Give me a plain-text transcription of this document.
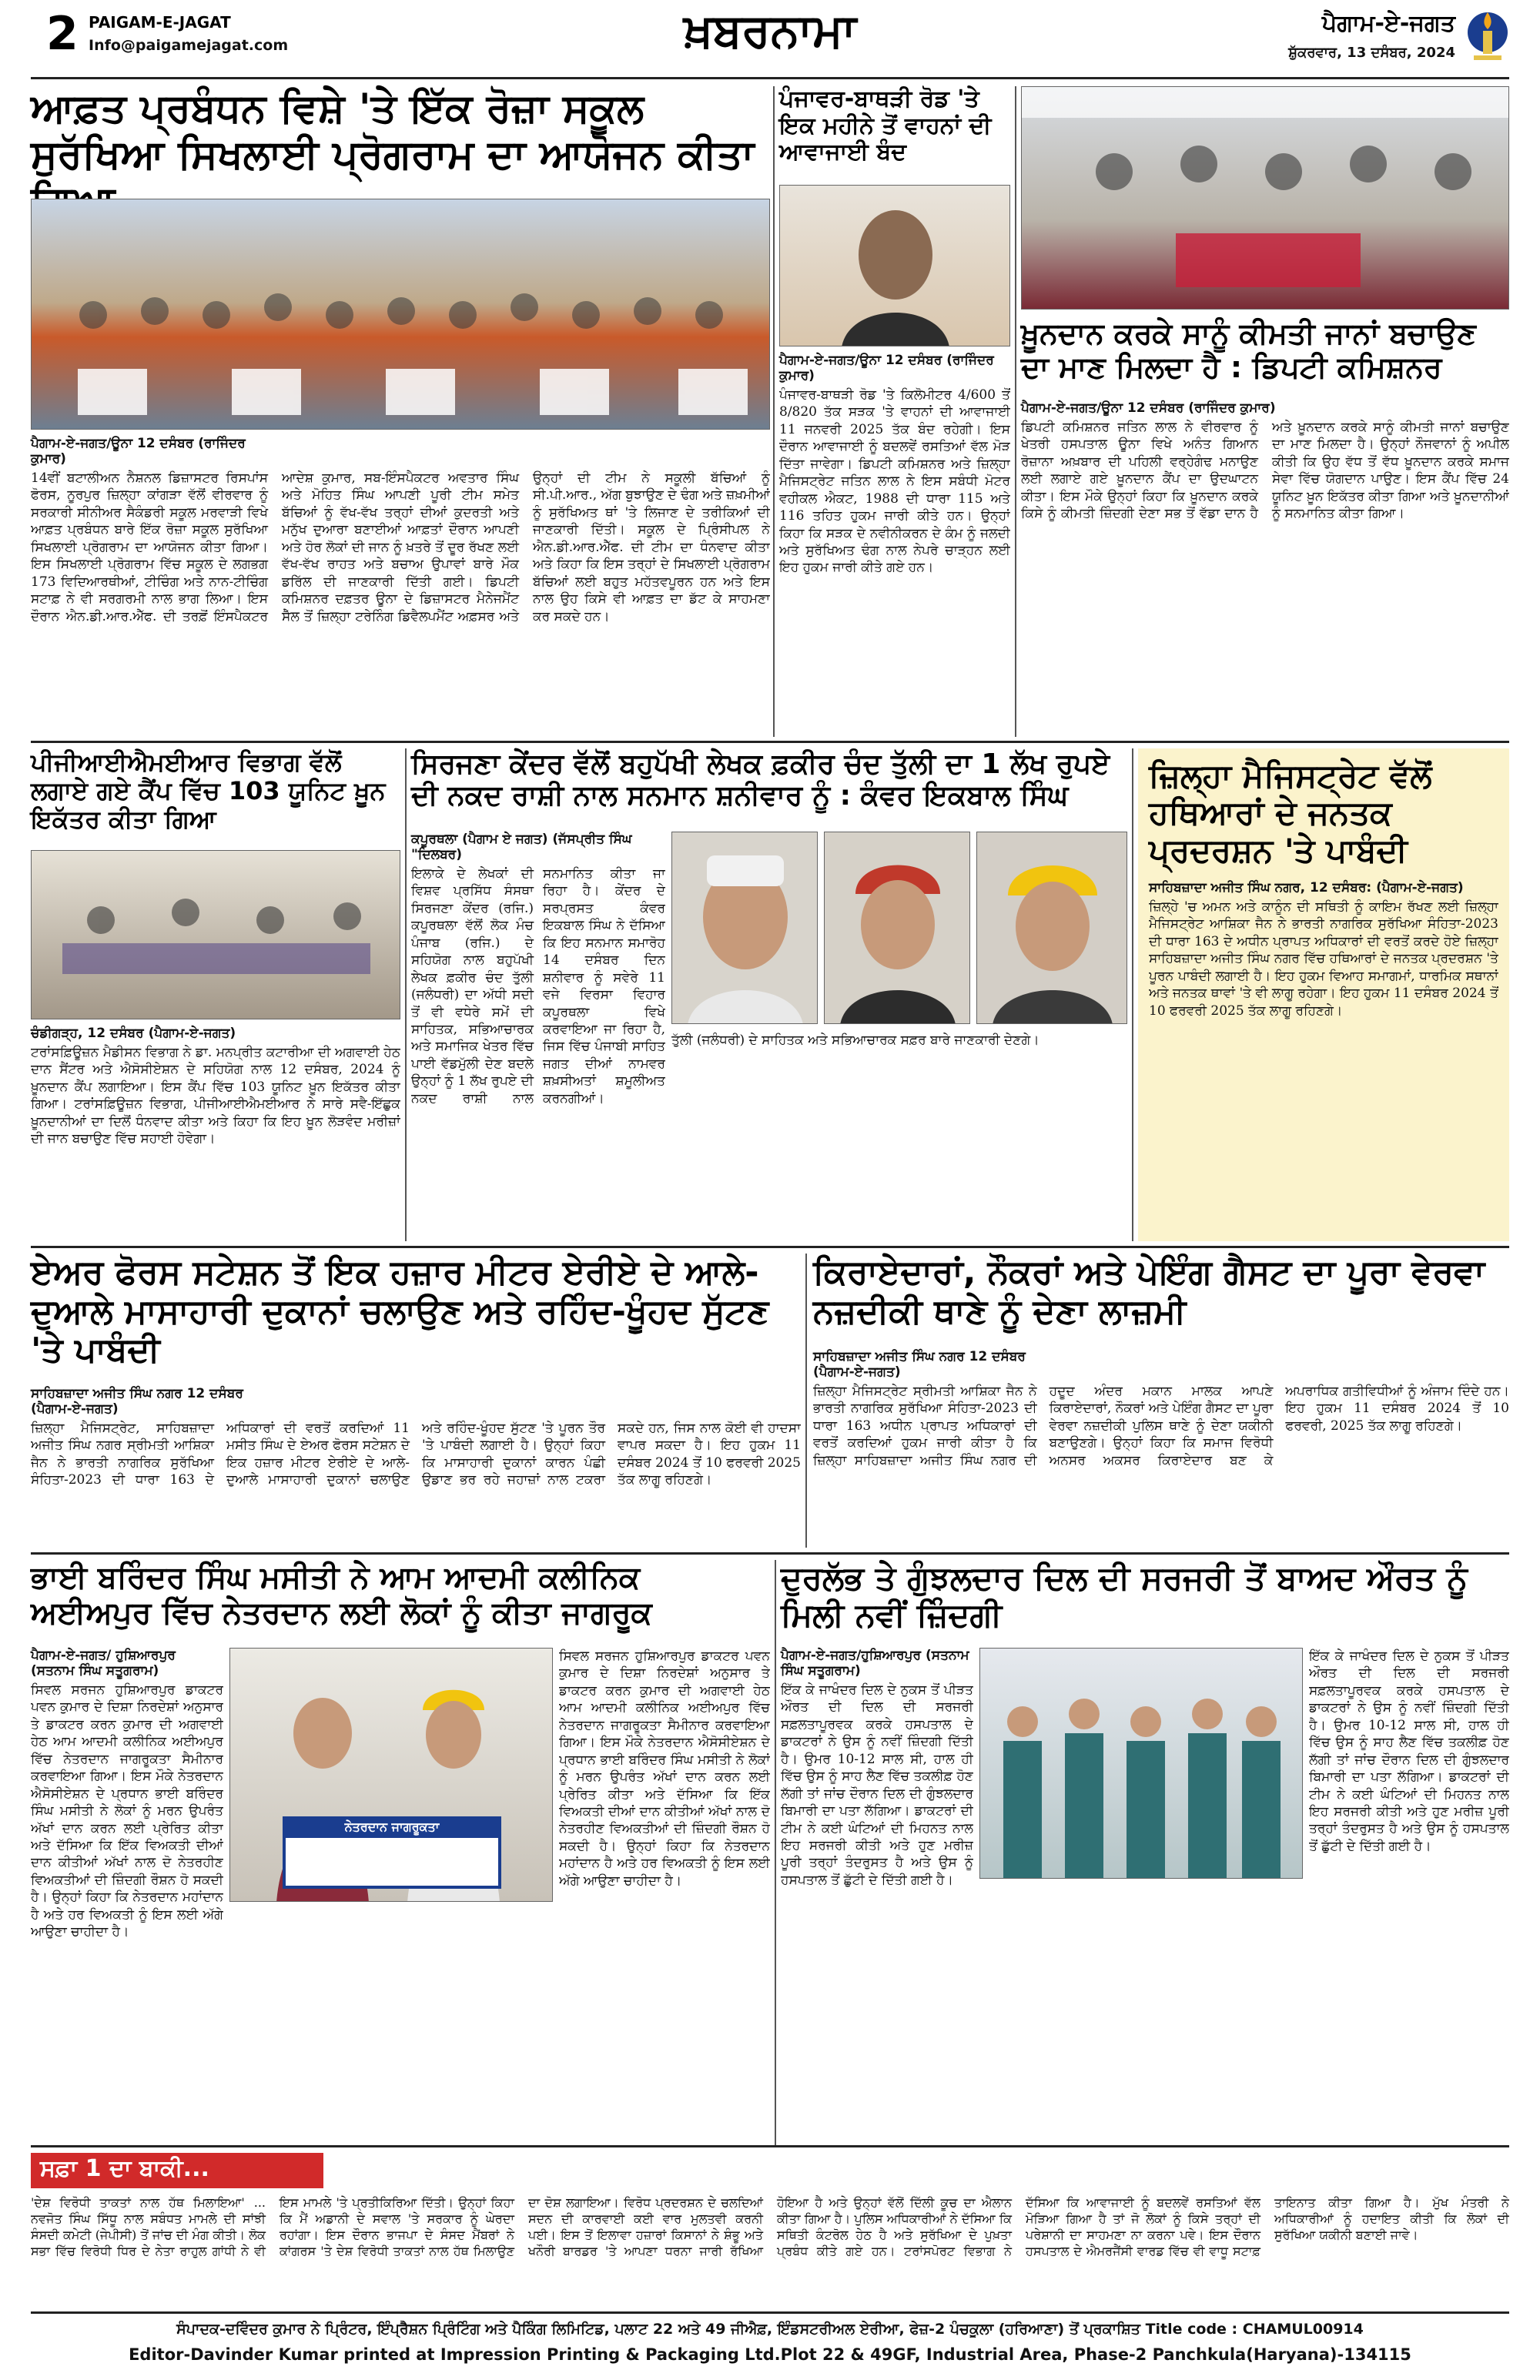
2 PAIGAM-E-JAGAT
Info@paigamejagat.com	ਖ਼ਬਰਨਾਮਾ	ਪੈਗਾਮ-ਏ-ਜਗਤ
ਸ਼ੁੱਕਰਵਾਰ, 13 ਦਸੰਬਰ, 2024
ਆਫ਼ਤ ਪ੍ਰਬੰਧਨ ਵਿਸ਼ੇ 'ਤੇ ਇੱਕ ਰੋਜ਼ਾ ਸਕੂਲ ਸੁਰੱਖਿਆ ਸਿਖਲਾਈ ਪ੍ਰੋਗਰਾਮ ਦਾ ਆਯੋਜਨ ਕੀਤਾ
ਪੈਗਾਮ-ਏ-ਜਗਤ/ਊਨਾ 12 ਦਸੰਬਰ (ਰਾਜਿੰਦਰ ਕੁਮਾਰ)
14ਵੀਂ ਬਟਾਲੀਅਨ ਨੈਸ਼ਨਲ ਡਿਜ਼ਾਸਟਰ ਰਿਸਪਾਂਸ ਫੋਰਸ, ਨੂਰਪੁਰ ਜ਼ਿਲ੍ਹਾ ਕਾਂਗੜਾ ਵੱਲੋਂ ਵੀਰਵਾਰ ਨੂੰ ਸਰਕਾਰੀ ਸੀਨੀਅਰ ਸੈਕੰਡਰੀ ਸਕੂਲ ਮਰਵਾੜੀ ਵਿਖੇ ਆਫ਼ਤ ਪ੍ਰਬੰਧਨ ਬਾਰੇ ਇੱਕ ਰੋਜ਼ਾ ਸਕੂਲ ਸੁਰੱਖਿਆ ਸਿਖਲਾਈ ਪ੍ਰੋਗਰਾਮ ਦਾ ਆਯੋਜਨ ਕੀਤਾ ਗਿਆ। ਇਸ ਸਿਖਲਾਈ ਪ੍ਰੋਗਰਾਮ ਵਿੱਚ ਸਕੂਲ ਦੇ ਲਗਭਗ 173 ਵਿਦਿਆਰਥੀਆਂ, ਟੀਚਿੰਗ ਅਤੇ ਨਾਨ-ਟੀਚਿੰਗ ਸਟਾਫ਼ ਨੇ ਵੀ ਸਰਗਰਮੀ ਨਾਲ ਭਾਗ ਲਿਆ। ਇਸ ਦੌਰਾਨ ਐਨ.ਡੀ.ਆਰ.ਐੱਫ. ਦੀ ਤਰਫ਼ੋਂ ਇੰਸਪੈਕਟਰ ਆਦੇਸ਼ ਕੁਮਾਰ, ਸਬ-ਇੰਸਪੈਕਟਰ ਅਵਤਾਰ ਸਿੰਘ ਅਤੇ ਮੋਹਿਤ ਸਿੰਘ ਆਪਣੀ ਪੂਰੀ ਟੀਮ ਸਮੇਤ ਬੱਚਿਆਂ ਨੂੰ ਵੱਖ-ਵੱਖ ਤਰ੍ਹਾਂ ਦੀਆਂ ਕੁਦਰਤੀ ਅਤੇ ਮਨੁੱਖ ਦੁਆਰਾ ਬਣਾਈਆਂ ਆਫ਼ਤਾਂ ਦੌਰਾਨ ਆਪਣੀ ਅਤੇ ਹੋਰ ਲੋਕਾਂ ਦੀ ਜਾਨ ਨੂੰ ਖ਼ਤਰੇ ਤੋਂ ਦੂਰ ਰੱਖਣ ਲਈ ਵੱਖ-ਵੱਖ ਰਾਹਤ ਅਤੇ ਬਚਾਅ ਉਪਾਵਾਂ ਬਾਰੇ ਮੌਕ ਡਰਿੱਲ ਦੀ ਜਾਣਕਾਰੀ ਦਿੱਤੀ ਗਈ। ਡਿਪਟੀ ਕਮਿਸ਼ਨਰ ਦਫ਼ਤਰ ਊਨਾ ਦੇ ਡਿਜ਼ਾਸਟਰ ਮੈਨੇਜਮੈਂਟ ਸੈੱਲ ਤੋਂ ਜ਼ਿਲ੍ਹਾ ਟਰੇਨਿੰਗ ਡਿਵੈਲਪਮੈਂਟ ਅਫ਼ਸਰ ਅਤੇ ਉਨ੍ਹਾਂ ਦੀ ਟੀਮ ਨੇ ਸਕੂਲੀ ਬੱਚਿਆਂ ਨੂੰ ਸੀ.ਪੀ.ਆਰ., ਅੱਗ ਬੁਝਾਉਣ ਦੇ ਢੰਗ ਅਤੇ ਜ਼ਖ਼ਮੀਆਂ ਨੂੰ ਸੁਰੱਖਿਅਤ ਥਾਂ 'ਤੇ ਲਿਜਾਣ ਦੇ ਤਰੀਕਿਆਂ ਦੀ ਜਾਣਕਾਰੀ ਦਿੱਤੀ। ਸਕੂਲ ਦੇ ਪ੍ਰਿੰਸੀਪਲ ਨੇ ਐਨ.ਡੀ.ਆਰ.ਐੱਫ. ਦੀ ਟੀਮ ਦਾ ਧੰਨਵਾਦ ਕੀਤਾ ਅਤੇ ਕਿਹਾ ਕਿ ਇਸ ਤਰ੍ਹਾਂ ਦੇ ਸਿਖਲਾਈ ਪ੍ਰੋਗਰਾਮ ਬੱਚਿਆਂ ਲਈ ਬਹੁਤ ਮਹੱਤਵਪੂਰਨ ਹਨ ਅਤੇ ਇਸ ਨਾਲ ਉਹ ਕਿਸੇ ਵੀ ਆਫ਼ਤ ਦਾ ਡੱਟ ਕੇ ਸਾਹਮਣਾ ਕਰ ਸਕਦੇ ਹਨ।
ਪੰਜਾਵਰ-ਬਾਥੜੀ ਰੋਡ 'ਤੇ ਇਕ ਮਹੀਨੇ ਤੋਂ ਵਾਹਨਾਂ ਦੀ ਆਵਾਜਾਈ ਬੰਦ
ਪੈਗਾਮ-ਏ-ਜਗਤ/ਊਨਾ 12 ਦਸੰਬਰ (ਰਾਜਿੰਦਰ ਕੁਮਾਰ)
ਪੰਜਾਵਰ-ਬਾਥੜੀ ਰੋਡ 'ਤੇ ਕਿਲੋਮੀਟਰ 4/600 ਤੋਂ 8/820 ਤੱਕ ਸੜਕ 'ਤੇ ਵਾਹਨਾਂ ਦੀ ਆਵਾਜਾਈ 11 ਜਨਵਰੀ 2025 ਤੱਕ ਬੰਦ ਰਹੇਗੀ। ਇਸ ਦੌਰਾਨ ਆਵਾਜਾਈ ਨੂੰ ਬਦਲਵੇਂ ਰਸਤਿਆਂ ਵੱਲ ਮੋੜ ਦਿੱਤਾ ਜਾਵੇਗਾ। ਡਿਪਟੀ ਕਮਿਸ਼ਨਰ ਅਤੇ ਜ਼ਿਲ੍ਹਾ ਮੈਜਿਸਟ੍ਰੇਟ ਜਤਿਨ ਲਾਲ ਨੇ ਇਸ ਸਬੰਧੀ ਮੋਟਰ ਵਹੀਕਲ ਐਕਟ, 1988 ਦੀ ਧਾਰਾ 115 ਅਤੇ 116 ਤਹਿਤ ਹੁਕਮ ਜਾਰੀ ਕੀਤੇ ਹਨ। ਉਨ੍ਹਾਂ ਕਿਹਾ ਕਿ ਸੜਕ ਦੇ ਨਵੀਨੀਕਰਨ ਦੇ ਕੰਮ ਨੂੰ ਜਲਦੀ ਅਤੇ ਸੁਰੱਖਿਅਤ ਢੰਗ ਨਾਲ ਨੇਪਰੇ ਚਾੜ੍ਹਨ ਲਈ ਇਹ ਹੁਕਮ ਜਾਰੀ ਕੀਤੇ ਗਏ ਹਨ।
ਖ਼ੂਨਦਾਨ ਕਰਕੇ ਸਾਨੂੰ ਕੀਮਤੀ ਜਾਨਾਂ ਬਚਾਉਣ ਦਾ ਮਾਣ ਮਿਲਦਾ ਹੈ : ਡਿਪਟੀ ਕਮਿਸ਼ਨਰ
ਪੈਗਾਮ-ਏ-ਜਗਤ/ਊਨਾ 12 ਦਸੰਬਰ (ਰਾਜਿੰਦਰ ਕੁਮਾਰ)
ਡਿਪਟੀ ਕਮਿਸ਼ਨਰ ਜਤਿਨ ਲਾਲ ਨੇ ਵੀਰਵਾਰ ਨੂੰ ਖੇਤਰੀ ਹਸਪਤਾਲ ਊਨਾ ਵਿਖੇ ਅਨੰਤ ਗਿਆਨ ਰੋਜ਼ਾਨਾ ਅਖ਼ਬਾਰ ਦੀ ਪਹਿਲੀ ਵਰ੍ਹੇਗੰਢ ਮਨਾਉਣ ਲਈ ਲਗਾਏ ਗਏ ਖ਼ੂਨਦਾਨ ਕੈਂਪ ਦਾ ਉਦਘਾਟਨ ਕੀਤਾ। ਇਸ ਮੌਕੇ ਉਨ੍ਹਾਂ ਕਿਹਾ ਕਿ ਖ਼ੂਨਦਾਨ ਕਰਕੇ ਕਿਸੇ ਨੂੰ ਕੀਮਤੀ ਜ਼ਿੰਦਗੀ ਦੇਣਾ ਸਭ ਤੋਂ ਵੱਡਾ ਦਾਨ ਹੈ ਅਤੇ ਖ਼ੂਨਦਾਨ ਕਰਕੇ ਸਾਨੂੰ ਕੀਮਤੀ ਜਾਨਾਂ ਬਚਾਉਣ ਦਾ ਮਾਣ ਮਿਲਦਾ ਹੈ। ਉਨ੍ਹਾਂ ਨੌਜਵਾਨਾਂ ਨੂੰ ਅਪੀਲ ਕੀਤੀ ਕਿ ਉਹ ਵੱਧ ਤੋਂ ਵੱਧ ਖ਼ੂਨਦਾਨ ਕਰਕੇ ਸਮਾਜ ਸੇਵਾ ਵਿੱਚ ਯੋਗਦਾਨ ਪਾਉਣ। ਇਸ ਕੈਂਪ ਵਿੱਚ 24 ਯੂਨਿਟ ਖ਼ੂਨ ਇਕੱਤਰ ਕੀਤਾ ਗਿਆ ਅਤੇ ਖ਼ੂਨਦਾਨੀਆਂ ਨੂੰ ਸਨਮਾਨਿਤ ਕੀਤਾ ਗਿਆ।
ਪੀਜੀਆਈਐਮਈਆਰ ਵਿਭਾਗ ਵੱਲੋਂ ਲਗਾਏ ਗਏ ਕੈਂਪ ਵਿੱਚ 103 ਯੂਨਿਟ ਖ਼ੂਨ ਇਕੱਤਰ ਕੀਤਾ ਗਿਆ
ਚੰਡੀਗੜ੍ਹ, 12 ਦਸੰਬਰ (ਪੈਗਾਮ-ਏ-ਜਗਤ)
ਟਰਾਂਸਫ਼ਿਊਜ਼ਨ ਮੈਡੀਸਨ ਵਿਭਾਗ ਨੇ ਡਾ. ਮਨਪ੍ਰੀਤ ਕਟਾਰੀਆ ਦੀ ਅਗਵਾਈ ਹੇਠ ਦਾਨ ਸੈਂਟਰ ਅਤੇ ਐਸੋਸੀਏਸ਼ਨ ਦੇ ਸਹਿਯੋਗ ਨਾਲ 12 ਦਸੰਬਰ, 2024 ਨੂੰ ਖ਼ੂਨਦਾਨ ਕੈਂਪ ਲਗਾਇਆ। ਇਸ ਕੈਂਪ ਵਿੱਚ 103 ਯੂਨਿਟ ਖ਼ੂਨ ਇਕੱਤਰ ਕੀਤਾ ਗਿਆ। ਟਰਾਂਸਫ਼ਿਊਜ਼ਨ ਵਿਭਾਗ, ਪੀਜੀਆਈਐਮਈਆਰ ਨੇ ਸਾਰੇ ਸਵੈ-ਇੱਛੁਕ ਖ਼ੂਨਦਾਨੀਆਂ ਦਾ ਦਿਲੋਂ ਧੰਨਵਾਦ ਕੀਤਾ ਅਤੇ ਕਿਹਾ ਕਿ ਇਹ ਖ਼ੂਨ ਲੋੜਵੰਦ ਮਰੀਜ਼ਾਂ ਦੀ ਜਾਨ ਬਚਾਉਣ ਵਿੱਚ ਸਹਾਈ ਹੋਵੇਗਾ।
ਸਿਰਜਣਾ ਕੇਂਦਰ ਵੱਲੋਂ ਬਹੁਪੱਖੀ ਲੇਖਕ ਫ਼ਕੀਰ ਚੰਦ ਤੁੱਲੀ ਦਾ 1 ਲੱਖ ਰੁਪਏ ਦੀ ਨਕਦ ਰਾਸ਼ੀ ਨਾਲ ਸਨਮਾਨ ਸ਼ਨੀਵਾਰ ਨੂੰ : ਕੰਵਰ ਇਕਬਾਲ ਸਿੰਘ
ਕਪੂਰਥਲਾ (ਪੈਗਾਮ ਏ ਜਗਤ) (ਜੱਸਪ੍ਰੀਤ ਸਿੰਘ "ਦਿਲਬਰ)
ਇਲਾਕੇ ਦੇ ਲੇਖਕਾਂ ਦੀ ਵਿਸ਼ਵ ਪ੍ਰਸਿੱਧ ਸੰਸਥਾ ਸਿਰਜਣਾ ਕੇਂਦਰ (ਰਜਿ.) ਕਪੂਰਥਲਾ ਵੱਲੋਂ ਲੋਕ ਮੰਚ ਪੰਜਾਬ (ਰਜਿ.) ਦੇ ਸਹਿਯੋਗ ਨਾਲ ਬਹੁਪੱਖੀ ਲੇਖਕ ਫ਼ਕੀਰ ਚੰਦ ਤੁੱਲੀ (ਜਲੰਧਰੀ) ਦਾ ਅੱਧੀ ਸਦੀ ਤੋਂ ਵੀ ਵਧੇਰੇ ਸਮੇਂ ਦੀ ਸਾਹਿਤਕ, ਸਭਿਆਚਾਰਕ ਅਤੇ ਸਮਾਜਿਕ ਖੇਤਰ ਵਿੱਚ ਪਾਈ ਵੱਡਮੁੱਲੀ ਦੇਣ ਬਦਲੇ ਉਨ੍ਹਾਂ ਨੂੰ 1 ਲੱਖ ਰੁਪਏ ਦੀ ਨਕਦ ਰਾਸ਼ੀ ਨਾਲ ਸਨਮਾਨਿਤ ਕੀਤਾ ਜਾ ਰਿਹਾ ਹੈ। ਕੇਂਦਰ ਦੇ ਸਰਪ੍ਰਸਤ ਕੰਵਰ ਇਕਬਾਲ ਸਿੰਘ ਨੇ ਦੱਸਿਆ ਕਿ ਇਹ ਸਨਮਾਨ ਸਮਾਰੋਹ 14 ਦਸੰਬਰ ਦਿਨ ਸ਼ਨੀਵਾਰ ਨੂੰ ਸਵੇਰੇ 11 ਵਜੇ ਵਿਰਸਾ ਵਿਹਾਰ ਕਪੂਰਥਲਾ ਵਿਖੇ ਕਰਵਾਇਆ ਜਾ ਰਿਹਾ ਹੈ, ਜਿਸ ਵਿੱਚ ਪੰਜਾਬੀ ਸਾਹਿਤ ਜਗਤ ਦੀਆਂ ਨਾਮਵਰ ਸ਼ਖ਼ਸੀਅਤਾਂ ਸ਼ਮੂਲੀਅਤ ਕਰਨਗੀਆਂ।
ਤੁੱਲੀ (ਜਲੰਧਰੀ) ਦੇ ਸਾਹਿਤਕ ਅਤੇ ਸਭਿਆਚਾਰਕ ਸਫ਼ਰ ਬਾਰੇ ਜਾਣਕਾਰੀ ਦੇਣਗੇ।
ਜ਼ਿਲ੍ਹਾ ਮੈਜਿਸਟ੍ਰੇਟ ਵੱਲੋਂ ਹਥਿਆਰਾਂ ਦੇ ਜਨਤਕ ਪ੍ਰਦਰਸ਼ਨ 'ਤੇ ਪਾਬੰਦੀ
ਸਾਹਿਬਜ਼ਾਦਾ ਅਜੀਤ ਸਿੰਘ ਨਗਰ, 12 ਦਸੰਬਰ: (ਪੈਗਾਮ-ਏ-ਜਗਤ)
ਜ਼ਿਲ੍ਹੇ 'ਚ ਅਮਨ ਅਤੇ ਕਾਨੂੰਨ ਦੀ ਸਥਿਤੀ ਨੂੰ ਕਾਇਮ ਰੱਖਣ ਲਈ ਜ਼ਿਲ੍ਹਾ ਮੈਜਿਸਟ੍ਰੇਟ ਆਸ਼ਿਕਾ ਜੈਨ ਨੇ ਭਾਰਤੀ ਨਾਗਰਿਕ ਸੁਰੱਖਿਆ ਸੰਹਿਤਾ-2023 ਦੀ ਧਾਰਾ 163 ਦੇ ਅਧੀਨ ਪ੍ਰਾਪਤ ਅਧਿਕਾਰਾਂ ਦੀ ਵਰਤੋਂ ਕਰਦੇ ਹੋਏ ਜ਼ਿਲ੍ਹਾ ਸਾਹਿਬਜ਼ਾਦਾ ਅਜੀਤ ਸਿੰਘ ਨਗਰ ਵਿੱਚ ਹਥਿਆਰਾਂ ਦੇ ਜਨਤਕ ਪ੍ਰਦਰਸ਼ਨ 'ਤੇ ਪੂਰਨ ਪਾਬੰਦੀ ਲਗਾਈ ਹੈ। ਇਹ ਹੁਕਮ ਵਿਆਹ ਸਮਾਗਮਾਂ, ਧਾਰਮਿਕ ਸਥਾਨਾਂ ਅਤੇ ਜਨਤਕ ਥਾਵਾਂ 'ਤੇ ਵੀ ਲਾਗੂ ਰਹੇਗਾ। ਇਹ ਹੁਕਮ 11 ਦਸੰਬਰ 2024 ਤੋਂ 10 ਫਰਵਰੀ 2025 ਤੱਕ ਲਾਗੂ ਰਹਿਣਗੇ।
ਏਅਰ ਫੋਰਸ ਸਟੇਸ਼ਨ ਤੋਂ ਇਕ ਹਜ਼ਾਰ ਮੀਟਰ ਏਰੀਏ ਦੇ ਆਲੇ-ਦੁਆਲੇ ਮਾਸਾਹਾਰੀ ਦੁਕਾਨਾਂ ਚਲਾਉਣ ਅਤੇ ਰਹਿੰਦ-ਖੂੰਹਦ ਸੁੱਟਣ 'ਤੇ ਪਾਬੰਦੀ
ਸਾਹਿਬਜ਼ਾਦਾ ਅਜੀਤ ਸਿੰਘ ਨਗਰ 12 ਦਸੰਬਰ (ਪੈਗਾਮ-ਏ-ਜਗਤ)
ਜ਼ਿਲ੍ਹਾ ਮੈਜਿਸਟ੍ਰੇਟ, ਸਾਹਿਬਜ਼ਾਦਾ ਅਜੀਤ ਸਿੰਘ ਨਗਰ ਸ੍ਰੀਮਤੀ ਆਸ਼ਿਕਾ ਜੈਨ ਨੇ ਭਾਰਤੀ ਨਾਗਰਿਕ ਸੁਰੱਖਿਆ ਸੰਹਿਤਾ-2023 ਦੀ ਧਾਰਾ 163 ਦੇ ਅਧਿਕਾਰਾਂ ਦੀ ਵਰਤੋਂ ਕਰਦਿਆਂ 11 ਮਸੀਤ ਸਿੰਘ ਦੇ ਏਅਰ ਫੋਰਸ ਸਟੇਸ਼ਨ ਦੇ ਇਕ ਹਜ਼ਾਰ ਮੀਟਰ ਏਰੀਏ ਦੇ ਆਲੇ-ਦੁਆਲੇ ਮਾਸਾਹਾਰੀ ਦੁਕਾਨਾਂ ਚਲਾਉਣ ਅਤੇ ਰਹਿੰਦ-ਖੂੰਹਦ ਸੁੱਟਣ 'ਤੇ ਪੂਰਨ ਤੌਰ 'ਤੇ ਪਾਬੰਦੀ ਲਗਾਈ ਹੈ। ਉਨ੍ਹਾਂ ਕਿਹਾ ਕਿ ਮਾਸਾਹਾਰੀ ਦੁਕਾਨਾਂ ਕਾਰਨ ਪੰਛੀ ਉਡਾਣ ਭਰ ਰਹੇ ਜਹਾਜ਼ਾਂ ਨਾਲ ਟਕਰਾ ਸਕਦੇ ਹਨ, ਜਿਸ ਨਾਲ ਕੋਈ ਵੀ ਹਾਦਸਾ ਵਾਪਰ ਸਕਦਾ ਹੈ। ਇਹ ਹੁਕਮ 11 ਦਸੰਬਰ 2024 ਤੋਂ 10 ਫਰਵਰੀ 2025 ਤੱਕ ਲਾਗੂ ਰਹਿਣਗੇ।
ਕਿਰਾਏਦਾਰਾਂ, ਨੌਕਰਾਂ ਅਤੇ ਪੇਇੰਗ ਗੈਸਟ ਦਾ ਪੂਰਾ ਵੇਰਵਾ ਨਜ਼ਦੀਕੀ ਥਾਣੇ ਨੂੰ ਦੇਣਾ ਲਾਜ਼ਮੀ
ਸਾਹਿਬਜ਼ਾਦਾ ਅਜੀਤ ਸਿੰਘ ਨਗਰ 12 ਦਸੰਬਰ (ਪੈਗਾਮ-ਏ-ਜਗਤ)
ਜ਼ਿਲ੍ਹਾ ਮੈਜਿਸਟ੍ਰੇਟ ਸ੍ਰੀਮਤੀ ਆਸ਼ਿਕਾ ਜੈਨ ਨੇ ਭਾਰਤੀ ਨਾਗਰਿਕ ਸੁਰੱਖਿਆ ਸੰਹਿਤਾ-2023 ਦੀ ਧਾਰਾ 163 ਅਧੀਨ ਪ੍ਰਾਪਤ ਅਧਿਕਾਰਾਂ ਦੀ ਵਰਤੋਂ ਕਰਦਿਆਂ ਹੁਕਮ ਜਾਰੀ ਕੀਤਾ ਹੈ ਕਿ ਜ਼ਿਲ੍ਹਾ ਸਾਹਿਬਜ਼ਾਦਾ ਅਜੀਤ ਸਿੰਘ ਨਗਰ ਦੀ ਹਦੂਦ ਅੰਦਰ ਮਕਾਨ ਮਾਲਕ ਆਪਣੇ ਕਿਰਾਏਦਾਰਾਂ, ਨੌਕਰਾਂ ਅਤੇ ਪੇਇੰਗ ਗੈਸਟ ਦਾ ਪੂਰਾ ਵੇਰਵਾ ਨਜ਼ਦੀਕੀ ਪੁਲਿਸ ਥਾਣੇ ਨੂੰ ਦੇਣਾ ਯਕੀਨੀ ਬਣਾਉਣਗੇ। ਉਨ੍ਹਾਂ ਕਿਹਾ ਕਿ ਸਮਾਜ ਵਿਰੋਧੀ ਅਨਸਰ ਅਕਸਰ ਕਿਰਾਏਦਾਰ ਬਣ ਕੇ ਅਪਰਾਧਿਕ ਗਤੀਵਿਧੀਆਂ ਨੂੰ ਅੰਜਾਮ ਦਿੰਦੇ ਹਨ। ਇਹ ਹੁਕਮ 11 ਦਸੰਬਰ 2024 ਤੋਂ 10 ਫਰਵਰੀ, 2025 ਤੱਕ ਲਾਗੂ ਰਹਿਣਗੇ।
ਭਾਈ ਬਰਿੰਦਰ ਸਿੰਘ ਮਸੀਤੀ ਨੇ ਆਮ ਆਦਮੀ ਕਲੀਨਿਕ ਅਈਅਪੁਰ ਵਿੱਚ ਨੇਤਰਦਾਨ ਲਈ ਲੋਕਾਂ ਨੂੰ ਕੀਤਾ ਜਾਗਰੂਕ
ਪੈਗਾਮ-ਏ-ਜਗਤ/ ਹੁਸ਼ਿਆਰਪੁਰ (ਸਤਨਾਮ ਸਿੰਘ ਸਤੂਗਰਾਮ)
ਸਿਵਲ ਸਰਜਨ ਹੁਸ਼ਿਆਰਪੁਰ ਡਾਕਟਰ ਪਵਨ ਕੁਮਾਰ ਦੇ ਦਿਸ਼ਾ ਨਿਰਦੇਸ਼ਾਂ ਅਨੁਸਾਰ ਤੇ ਡਾਕਟਰ ਕਰਨ ਕੁਮਾਰ ਦੀ ਅਗਵਾਈ ਹੇਠ ਆਮ ਆਦਮੀ ਕਲੀਨਿਕ ਅਈਅਪੁਰ ਵਿੱਚ ਨੇਤਰਦਾਨ ਜਾਗਰੂਕਤਾ ਸੈਮੀਨਾਰ ਕਰਵਾਇਆ ਗਿਆ। ਇਸ ਮੌਕੇ ਨੇਤਰਦਾਨ ਐਸੋਸੀਏਸ਼ਨ ਦੇ ਪ੍ਰਧਾਨ ਭਾਈ ਬਰਿੰਦਰ ਸਿੰਘ ਮਸੀਤੀ ਨੇ ਲੋਕਾਂ ਨੂੰ ਮਰਨ ਉਪਰੰਤ ਅੱਖਾਂ ਦਾਨ ਕਰਨ ਲਈ ਪ੍ਰੇਰਿਤ ਕੀਤਾ ਅਤੇ ਦੱਸਿਆ ਕਿ ਇੱਕ ਵਿਅਕਤੀ ਦੀਆਂ ਦਾਨ ਕੀਤੀਆਂ ਅੱਖਾਂ ਨਾਲ ਦੋ ਨੇਤਰਹੀਣ ਵਿਅਕਤੀਆਂ ਦੀ ਜ਼ਿੰਦਗੀ ਰੌਸ਼ਨ ਹੋ ਸਕਦੀ ਹੈ। ਉਨ੍ਹਾਂ ਕਿਹਾ ਕਿ ਨੇਤਰਦਾਨ ਮਹਾਂਦਾਨ ਹੈ ਅਤੇ ਹਰ ਵਿਅਕਤੀ ਨੂੰ ਇਸ ਲਈ ਅੱਗੇ ਆਉਣਾ ਚਾਹੀਦਾ ਹੈ।
ਨੇਤਰਦਾਨ ਜਾਗਰੂਕਤਾ
ਸਿਵਲ ਸਰਜਨ ਹੁਸ਼ਿਆਰਪੁਰ ਡਾਕਟਰ ਪਵਨ ਕੁਮਾਰ ਦੇ ਦਿਸ਼ਾ ਨਿਰਦੇਸ਼ਾਂ ਅਨੁਸਾਰ ਤੇ ਡਾਕਟਰ ਕਰਨ ਕੁਮਾਰ ਦੀ ਅਗਵਾਈ ਹੇਠ ਆਮ ਆਦਮੀ ਕਲੀਨਿਕ ਅਈਅਪੁਰ ਵਿੱਚ ਨੇਤਰਦਾਨ ਜਾਗਰੂਕਤਾ ਸੈਮੀਨਾਰ ਕਰਵਾਇਆ ਗਿਆ। ਇਸ ਮੌਕੇ ਨੇਤਰਦਾਨ ਐਸੋਸੀਏਸ਼ਨ ਦੇ ਪ੍ਰਧਾਨ ਭਾਈ ਬਰਿੰਦਰ ਸਿੰਘ ਮਸੀਤੀ ਨੇ ਲੋਕਾਂ ਨੂੰ ਮਰਨ ਉਪਰੰਤ ਅੱਖਾਂ ਦਾਨ ਕਰਨ ਲਈ ਪ੍ਰੇਰਿਤ ਕੀਤਾ ਅਤੇ ਦੱਸਿਆ ਕਿ ਇੱਕ ਵਿਅਕਤੀ ਦੀਆਂ ਦਾਨ ਕੀਤੀਆਂ ਅੱਖਾਂ ਨਾਲ ਦੋ ਨੇਤਰਹੀਣ ਵਿਅਕਤੀਆਂ ਦੀ ਜ਼ਿੰਦਗੀ ਰੌਸ਼ਨ ਹੋ ਸਕਦੀ ਹੈ। ਉਨ੍ਹਾਂ ਕਿਹਾ ਕਿ ਨੇਤਰਦਾਨ ਮਹਾਂਦਾਨ ਹੈ ਅਤੇ ਹਰ ਵਿਅਕਤੀ ਨੂੰ ਇਸ ਲਈ ਅੱਗੇ ਆਉਣਾ ਚਾਹੀਦਾ ਹੈ।
ਦੁਰਲੱਭ ਤੇ ਗੁੰਝਲਦਾਰ ਦਿਲ ਦੀ ਸਰਜਰੀ ਤੋਂ ਬਾਅਦ ਔਰਤ ਨੂੰ ਮਿਲੀ ਨਵੀਂ ਜ਼ਿੰਦਗੀ
ਪੈਗਾਮ-ਏ-ਜਗਤ/ਹੁਸ਼ਿਆਰਪੁਰ (ਸਤਨਾਮ ਸਿੰਘ ਸਤੂਗਰਾਮ)
ਇੱਕ ਕੇ ਜਾਖੰਦਰ ਦਿਲ ਦੇ ਨੁਕਸ ਤੋਂ ਪੀੜਤ ਔਰਤ ਦੀ ਦਿਲ ਦੀ ਸਰਜਰੀ ਸਫ਼ਲਤਾਪੂਰਵਕ ਕਰਕੇ ਹਸਪਤਾਲ ਦੇ ਡਾਕਟਰਾਂ ਨੇ ਉਸ ਨੂੰ ਨਵੀਂ ਜ਼ਿੰਦਗੀ ਦਿੱਤੀ ਹੈ। ਉਮਰ 10-12 ਸਾਲ ਸੀ, ਹਾਲ ਹੀ ਵਿੱਚ ਉਸ ਨੂੰ ਸਾਹ ਲੈਣ ਵਿੱਚ ਤਕਲੀਫ਼ ਹੋਣ ਲੱਗੀ ਤਾਂ ਜਾਂਚ ਦੌਰਾਨ ਦਿਲ ਦੀ ਗੁੰਝਲਦਾਰ ਬਿਮਾਰੀ ਦਾ ਪਤਾ ਲੱਗਿਆ। ਡਾਕਟਰਾਂ ਦੀ ਟੀਮ ਨੇ ਕਈ ਘੰਟਿਆਂ ਦੀ ਮਿਹਨਤ ਨਾਲ ਇਹ ਸਰਜਰੀ ਕੀਤੀ ਅਤੇ ਹੁਣ ਮਰੀਜ਼ ਪੂਰੀ ਤਰ੍ਹਾਂ ਤੰਦਰੁਸਤ ਹੈ ਅਤੇ ਉਸ ਨੂੰ ਹਸਪਤਾਲ ਤੋਂ ਛੁੱਟੀ ਦੇ ਦਿੱਤੀ ਗਈ ਹੈ।
ਇੱਕ ਕੇ ਜਾਖੰਦਰ ਦਿਲ ਦੇ ਨੁਕਸ ਤੋਂ ਪੀੜਤ ਔਰਤ ਦੀ ਦਿਲ ਦੀ ਸਰਜਰੀ ਸਫ਼ਲਤਾਪੂਰਵਕ ਕਰਕੇ ਹਸਪਤਾਲ ਦੇ ਡਾਕਟਰਾਂ ਨੇ ਉਸ ਨੂੰ ਨਵੀਂ ਜ਼ਿੰਦਗੀ ਦਿੱਤੀ ਹੈ। ਉਮਰ 10-12 ਸਾਲ ਸੀ, ਹਾਲ ਹੀ ਵਿੱਚ ਉਸ ਨੂੰ ਸਾਹ ਲੈਣ ਵਿੱਚ ਤਕਲੀਫ਼ ਹੋਣ ਲੱਗੀ ਤਾਂ ਜਾਂਚ ਦੌਰਾਨ ਦਿਲ ਦੀ ਗੁੰਝਲਦਾਰ ਬਿਮਾਰੀ ਦਾ ਪਤਾ ਲੱਗਿਆ। ਡਾਕਟਰਾਂ ਦੀ ਟੀਮ ਨੇ ਕਈ ਘੰਟਿਆਂ ਦੀ ਮਿਹਨਤ ਨਾਲ ਇਹ ਸਰਜਰੀ ਕੀਤੀ ਅਤੇ ਹੁਣ ਮਰੀਜ਼ ਪੂਰੀ ਤਰ੍ਹਾਂ ਤੰਦਰੁਸਤ ਹੈ ਅਤੇ ਉਸ ਨੂੰ ਹਸਪਤਾਲ ਤੋਂ ਛੁੱਟੀ ਦੇ ਦਿੱਤੀ ਗਈ ਹੈ।
ਸਫ਼ਾ 1 ਦਾ ਬਾਕੀ...
'ਦੇਸ਼ ਵਿਰੋਧੀ ਤਾਕਤਾਂ ਨਾਲ ਹੱਥ ਮਿਲਾਇਆ' ... ਨਵਜੋਤ ਸਿੰਘ ਸਿੱਧੂ ਨਾਲ ਸਬੰਧਤ ਮਾਮਲੇ ਦੀ ਸਾਂਝੀ ਸੰਸਦੀ ਕਮੇਟੀ (ਜੇਪੀਸੀ) ਤੋਂ ਜਾਂਚ ਦੀ ਮੰਗ ਕੀਤੀ। ਲੋਕ ਸਭਾ ਵਿੱਚ ਵਿਰੋਧੀ ਧਿਰ ਦੇ ਨੇਤਾ ਰਾਹੁਲ ਗਾਂਧੀ ਨੇ ਵੀ ਇਸ ਮਾਮਲੇ 'ਤੇ ਪ੍ਰਤੀਕਿਰਿਆ ਦਿੱਤੀ। ਉਨ੍ਹਾਂ ਕਿਹਾ ਕਿ ਮੈਂ ਅਡਾਨੀ ਦੇ ਸਵਾਲ 'ਤੇ ਸਰਕਾਰ ਨੂੰ ਘੇਰਦਾ ਰਹਾਂਗਾ। ਇਸ ਦੌਰਾਨ ਭਾਜਪਾ ਦੇ ਸੰਸਦ ਮੈਂਬਰਾਂ ਨੇ ਕਾਂਗਰਸ 'ਤੇ ਦੇਸ਼ ਵਿਰੋਧੀ ਤਾਕਤਾਂ ਨਾਲ ਹੱਥ ਮਿਲਾਉਣ ਦਾ ਦੋਸ਼ ਲਗਾਇਆ। ਵਿਰੋਧ ਪ੍ਰਦਰਸ਼ਨ ਦੇ ਚਲਦਿਆਂ ਸਦਨ ਦੀ ਕਾਰਵਾਈ ਕਈ ਵਾਰ ਮੁਲਤਵੀ ਕਰਨੀ ਪਈ। ਇਸ ਤੋਂ ਇਲਾਵਾ ਹਜ਼ਾਰਾਂ ਕਿਸਾਨਾਂ ਨੇ ਸ਼ੰਭੂ ਅਤੇ ਖਨੌਰੀ ਬਾਰਡਰ 'ਤੇ ਆਪਣਾ ਧਰਨਾ ਜਾਰੀ ਰੱਖਿਆ ਹੋਇਆ ਹੈ ਅਤੇ ਉਨ੍ਹਾਂ ਵੱਲੋਂ ਦਿੱਲੀ ਕੂਚ ਦਾ ਐਲਾਨ ਕੀਤਾ ਗਿਆ ਹੈ। ਪੁਲਿਸ ਅਧਿਕਾਰੀਆਂ ਨੇ ਦੱਸਿਆ ਕਿ ਸਥਿਤੀ ਕੰਟਰੋਲ ਹੇਠ ਹੈ ਅਤੇ ਸੁਰੱਖਿਆ ਦੇ ਪੁਖ਼ਤਾ ਪ੍ਰਬੰਧ ਕੀਤੇ ਗਏ ਹਨ। ਟਰਾਂਸਪੋਰਟ ਵਿਭਾਗ ਨੇ ਦੱਸਿਆ ਕਿ ਆਵਾਜਾਈ ਨੂੰ ਬਦਲਵੇਂ ਰਸਤਿਆਂ ਵੱਲ ਮੋੜਿਆ ਗਿਆ ਹੈ ਤਾਂ ਜੋ ਲੋਕਾਂ ਨੂੰ ਕਿਸੇ ਤਰ੍ਹਾਂ ਦੀ ਪਰੇਸ਼ਾਨੀ ਦਾ ਸਾਹਮਣਾ ਨਾ ਕਰਨਾ ਪਵੇ। ਇਸ ਦੌਰਾਨ ਹਸਪਤਾਲ ਦੇ ਐਮਰਜੈਂਸੀ ਵਾਰਡ ਵਿੱਚ ਵੀ ਵਾਧੂ ਸਟਾਫ਼ ਤਾਇਨਾਤ ਕੀਤਾ ਗਿਆ ਹੈ। ਮੁੱਖ ਮੰਤਰੀ ਨੇ ਅਧਿਕਾਰੀਆਂ ਨੂੰ ਹਦਾਇਤ ਕੀਤੀ ਕਿ ਲੋਕਾਂ ਦੀ ਸੁਰੱਖਿਆ ਯਕੀਨੀ ਬਣਾਈ ਜਾਵੇ।
ਸੰਪਾਦਕ-ਦਵਿੰਦਰ ਕੁਮਾਰ ਨੇ ਪ੍ਰਿੰਟਰ, ਇੰਪ੍ਰੈਸ਼ਨ ਪ੍ਰਿੰਟਿੰਗ ਅਤੇ ਪੈਕਿੰਗ ਲਿਮਿਟਿਡ, ਪਲਾਟ 22 ਅਤੇ 49 ਜੀਐਫ਼, ਇੰਡਸਟਰੀਅਲ ਏਰੀਆ, ਫੇਜ਼-2 ਪੰਚਕੂਲਾ (ਹਰਿਆਣਾ) ਤੋਂ ਪ੍ਰਕਾਸ਼ਿਤ Title code : CHAMUL00914
Editor-Davinder Kumar printed at Impression Printing & Packaging Ltd.Plot 22 & 49GF, Industrial Area, Phase-2 Panchkula(Haryana)-134115
